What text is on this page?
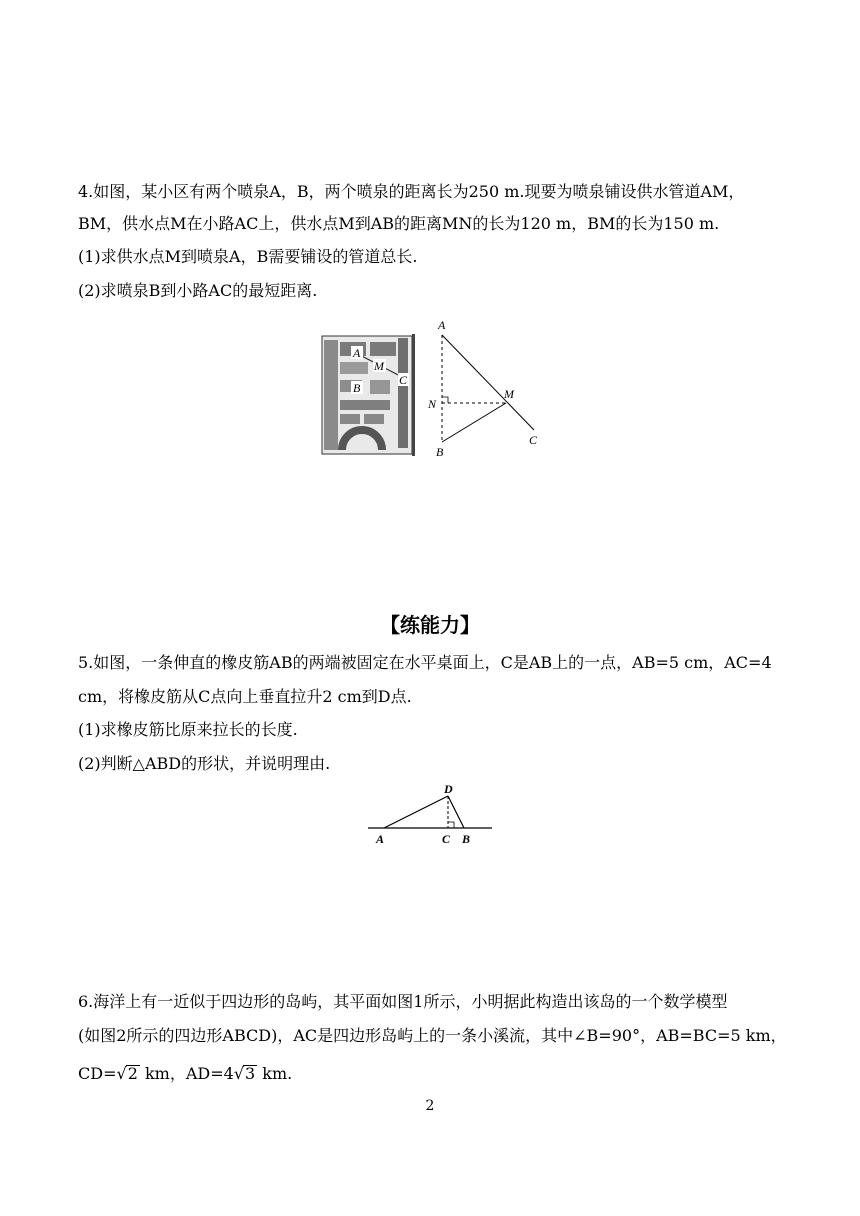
4.如图，某小区有两个喷泉A，B，两个喷泉的距离长为250 m.现要为喷泉铺设供水管道AM，
BM，供水点M在小路AC上，供水点M到AB的距离MN的长为120 m，BM的长为150 m.
(1)求供水点M到喷泉A，B需要铺设的管道总长.
(2)求喷泉B到小路AC的最短距离.
A
M
C
B
A
N
M
B
C
【练能力】
5.如图，一条伸直的橡皮筋AB的两端被固定在水平桌面上，C是AB上的一点，AB=5 cm，AC=4
cm，将橡皮筋从C点向上垂直拉升2 cm到D点.
(1)求橡皮筋比原来拉长的长度.
(2)判断△ABD的形状，并说明理由.
D
A	C B
6.海洋上有一近似于四边形的岛屿，其平面如图1所示，小明据此构造出该岛的一个数学模型
(如图2所示的四边形ABCD)，AC是四边形岛屿上的一条小溪流，其中∠B=90°，AB=BC=5 km，
CD=√2 km，AD=4√3 km.
2
